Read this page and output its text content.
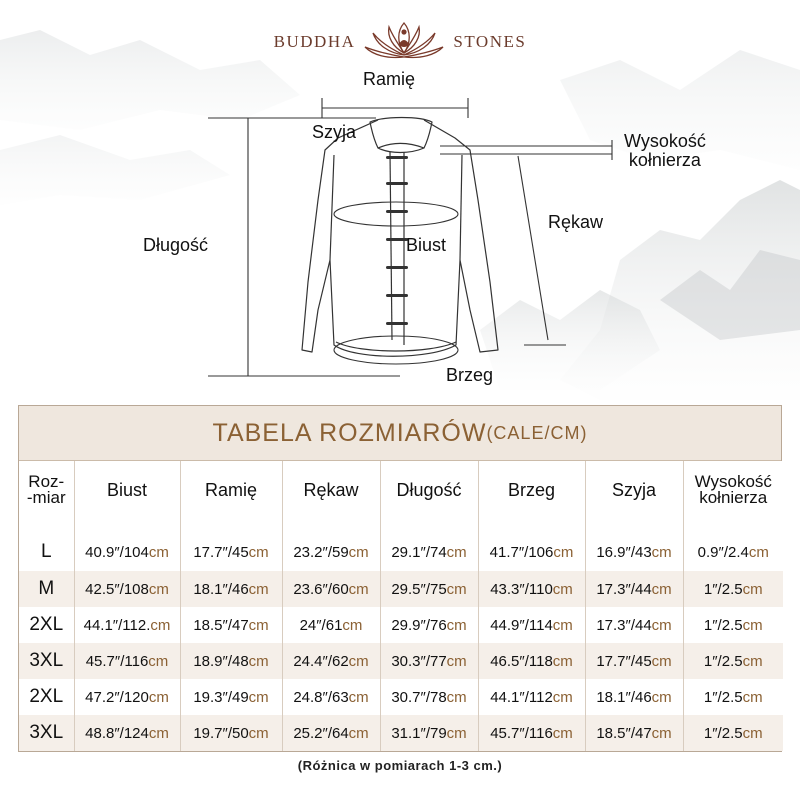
BUDDHA	STONES
Ramię
Szyja	Wysokość
kołnierza
Rękaw
Długość	Biust
Brzeg
TABELA ROZMIARÓW (CALE/CM)
Roz-
-miar	Biust	Ramię	Rękaw	Długość	Brzeg	Szyja	Wysokość
kołnierza
L	40.9″/104cm	17.7″/45cm	23.2″/59cm	29.1″/74cm	41.7″/106cm	16.9″/43cm	0.9″/2.4cm
M	42.5″/108cm	18.1″/46cm	23.6″/60cm	29.5″/75cm	43.3″/110cm	17.3″/44cm	1″/2.5cm
2XL	44.1″/112.cm	18.5″/47cm	24″/61cm	29.9″/76cm	44.9″/114cm	17.3″/44cm	1″/2.5cm
3XL	45.7″/116cm	18.9″/48cm	24.4″/62cm	30.3″/77cm	46.5″/118cm	17.7″/45cm	1″/2.5cm
2XL	47.2″/120cm	19.3″/49cm	24.8″/63cm	30.7″/78cm	44.1″/112cm	18.1″/46cm	1″/2.5cm
3XL	48.8″/124cm	19.7″/50cm	25.2″/64cm	31.1″/79cm	45.7″/116cm	18.5″/47cm	1″/2.5cm
(Różnica w pomiarach 1-3 cm.)
